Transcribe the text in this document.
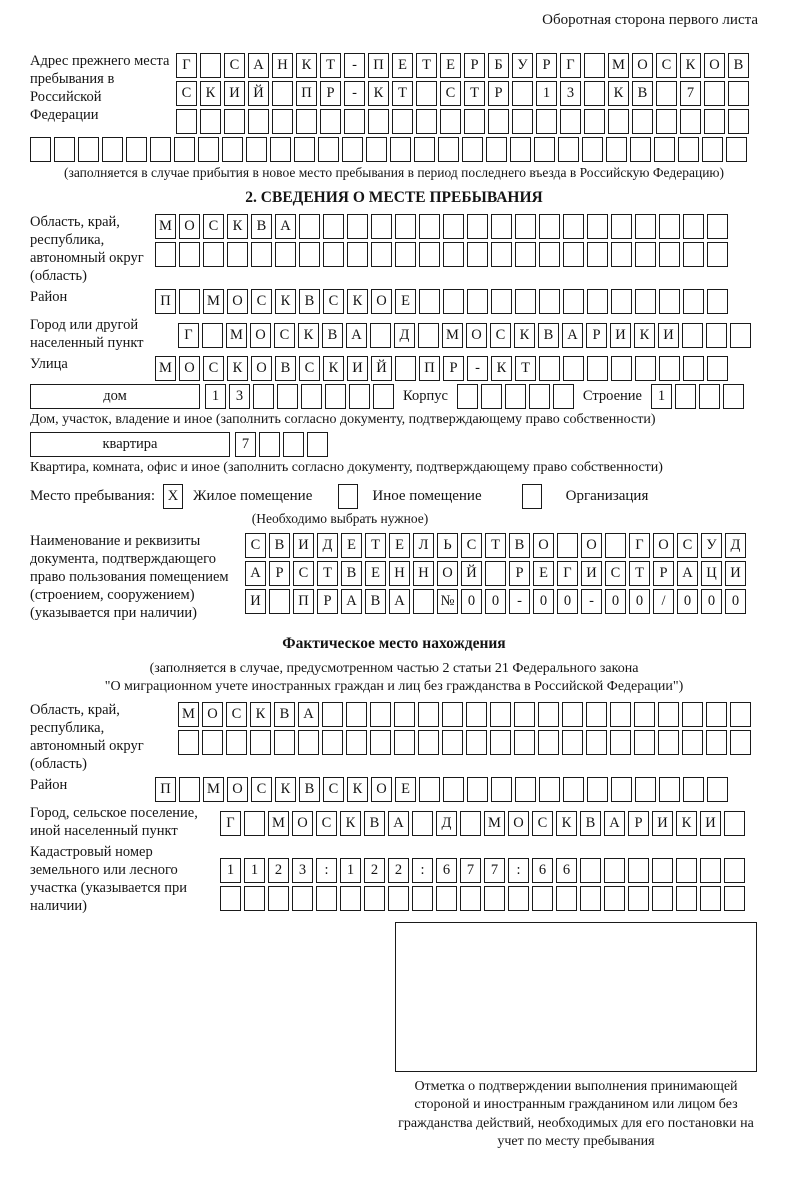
Оборотная сторона первого листа
Адрес прежнего места пребывания в Российской Федерации
Г	С А Н К	Т	-	П Е	Т	Е	Р	Б	У	Р	Г	М О С К О В
С К И Й	П	Р	-	К	Т	С	Т	Р	1	3	К В	7
(заполняется в случае прибытия в новое место пребывания в период последнего въезда в Российскую Федерацию)
2. СВЕДЕНИЯ О МЕСТЕ ПРЕБЫВАНИЯ
Область, край, республика, автономный округ (область)
М О С К В А
Район	П	М О С К В С К О Е
Город или другой населенный пункт	Г	М О С К В А	Д	М О С К В А	Р	И К И
Улица	М О С К О В С К И Й	П	Р	-	К	Т
дом	1	3	Корпус	Строение	1
Дом, участок, владение и иное (заполнить согласно документу, подтверждающему право собственности)
квартира	7
Квартира, комната, офис и иное (заполнить согласно документу, подтверждающему право собственности)
Место пребывания: X Жилое помещение	Иное помещение	Организация
(Необходимо выбрать нужное)
Наименование и реквизиты документа, подтверждающего право пользования помещением (строением, сооружением) (указывается при наличии)
С В И Д	Е	Т	Е	Л	Ь	С	Т	В О	О	Г	О С У Д
А	Р	С	Т	В	Е Н Н О Й	Р	Е	Г	И С	Т	Р	А Ц И
И	П	Р	А В А	№ 0	0	-	0	0	-	0	0	/	0	0	0
Фактическое место нахождения
(заполняется в случае, предусмотренном частью 2 статьи 21 Федерального закона
"О миграционном учете иностранных граждан и лиц без гражданства в Российской Федерации")
Область, край, республика, автономный округ (область)
М О С К В А
Район	П	М О С К В С К О Е
Город, сельское поселение, иной населенный пункт	Г	М О С К В А	Д	М О С К В А	Р	И К И
Кадастровый номер земельного или лесного участка (указывается при наличии)
1	1	2	3	:	1	2	2	:	6	7	7	:	6	6
Отметка о подтверждении выполнения принимающей стороной и иностранным гражданином или лицом без гражданства действий, необходимых для его постановки на учет по месту пребывания
